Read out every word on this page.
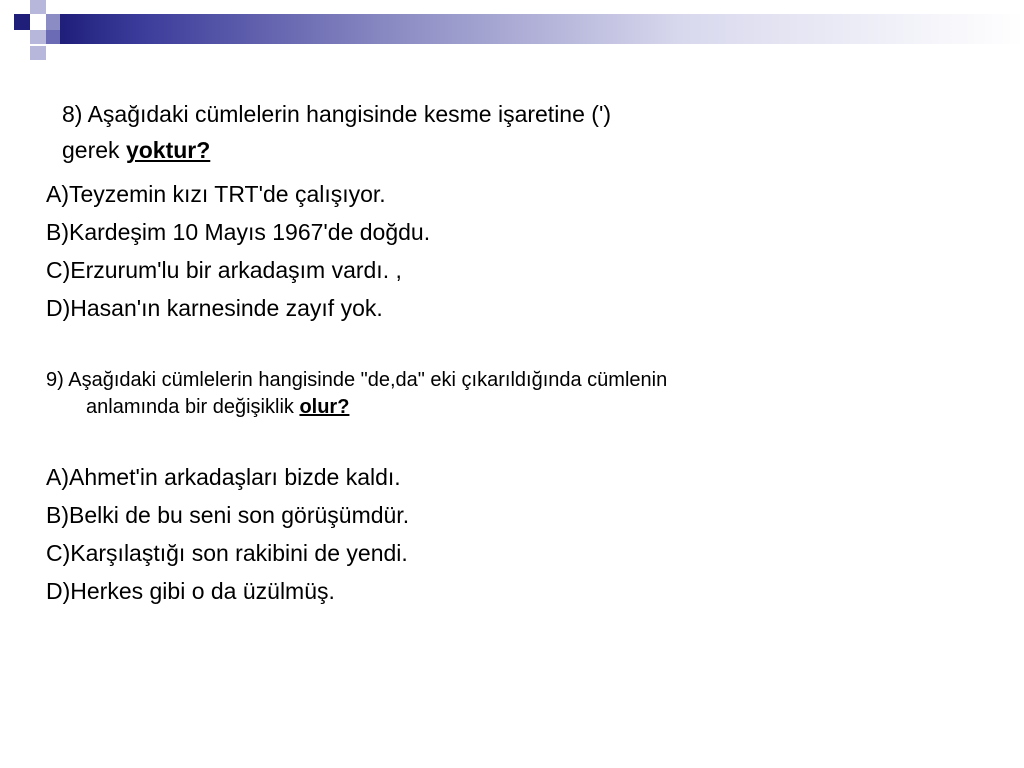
8) Aşağıdaki cümlelerin hangisinde kesme işaretine (')
gerek yoktur?
A)Teyzemin kızı TRT'de çalışıyor.
B)Kardeşim 10 Mayıs 1967'de doğdu.
C)Erzurum'lu bir arkadaşım vardı. ,
D)Hasan'ın karnesinde zayıf yok.
9) Aşağıdaki cümlelerin hangisinde "de,da" eki çıkarıldığında cümlenin
anlamında bir değişiklik olur?
A)Ahmet'in arkadaşları bizde kaldı.
B)Belki de bu seni son görüşümdür.
C)Karşılaştığı son rakibini de yendi.
D)Herkes gibi o da üzülmüş.
